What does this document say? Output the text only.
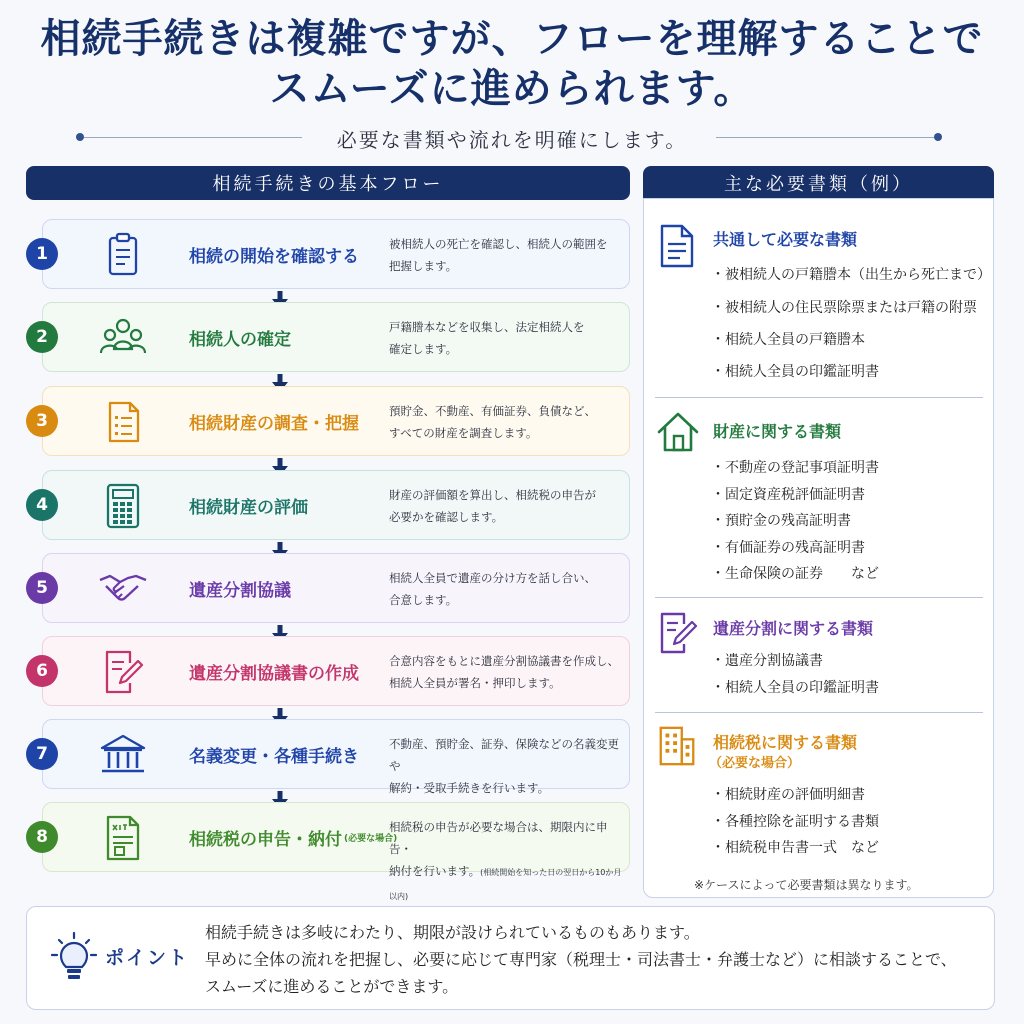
相続手続きは複雑ですが、フローを理解することで
スムーズに進められます。
必要な書類や流れを明確にします。
相続手続きの基本フロー	主な必要書類（例）
相続の開始を確認する
被相続人の死亡を確認し、相続人の範囲を
把握します。
1
相続人の確定
戸籍謄本などを収集し、法定相続人を
確定します。
2
相続財産の調査・把握
預貯金、不動産、有価証券、負債など、
すべての財産を調査します。
3
相続財産の評価
財産の評価額を算出し、相続税の申告が
必要かを確認します。
4
遺産分割協議
相続人全員で遺産の分け方を話し合い、
合意します。
5
遺産分割協議書の作成
合意内容をもとに遺産分割協議書を作成し、
相続人全員が署名・押印します。
6
名義変更・各種手続き
不動産、預貯金、証券、保険などの名義変更や
解約・受取手続きを行います。
7
相続税の申告・納付 (必要な場合)
相続税の申告が必要な場合は、期限内に申告・
納付を行います。(相続開始を知った日の翌日から10か月以内)
8
共通して必要な書類
・被相続人の戸籍謄本（出生から死亡まで）
・被相続人の住民票除票または戸籍の附票
・相続人全員の戸籍謄本
・相続人全員の印鑑証明書
財産に関する書類
・不動産の登記事項証明書
・固定資産税評価証明書
・預貯金の残高証明書
・有価証券の残高証明書
・生命保険の証券　　など
遺産分割に関する書類
・遺産分割協議書
・相続人全員の印鑑証明書
相続税に関する書類
（必要な場合）
・相続財産の評価明細書
・各種控除を証明する書類
・相続税申告書一式　など
※ケースによって必要書類は異なります。
ポイント
相続手続きは多岐にわたり、期限が設けられているものもあります。
早めに全体の流れを把握し、必要に応じて専門家（税理士・司法書士・弁護士など）に相談することで、
スムーズに進めることができます。
